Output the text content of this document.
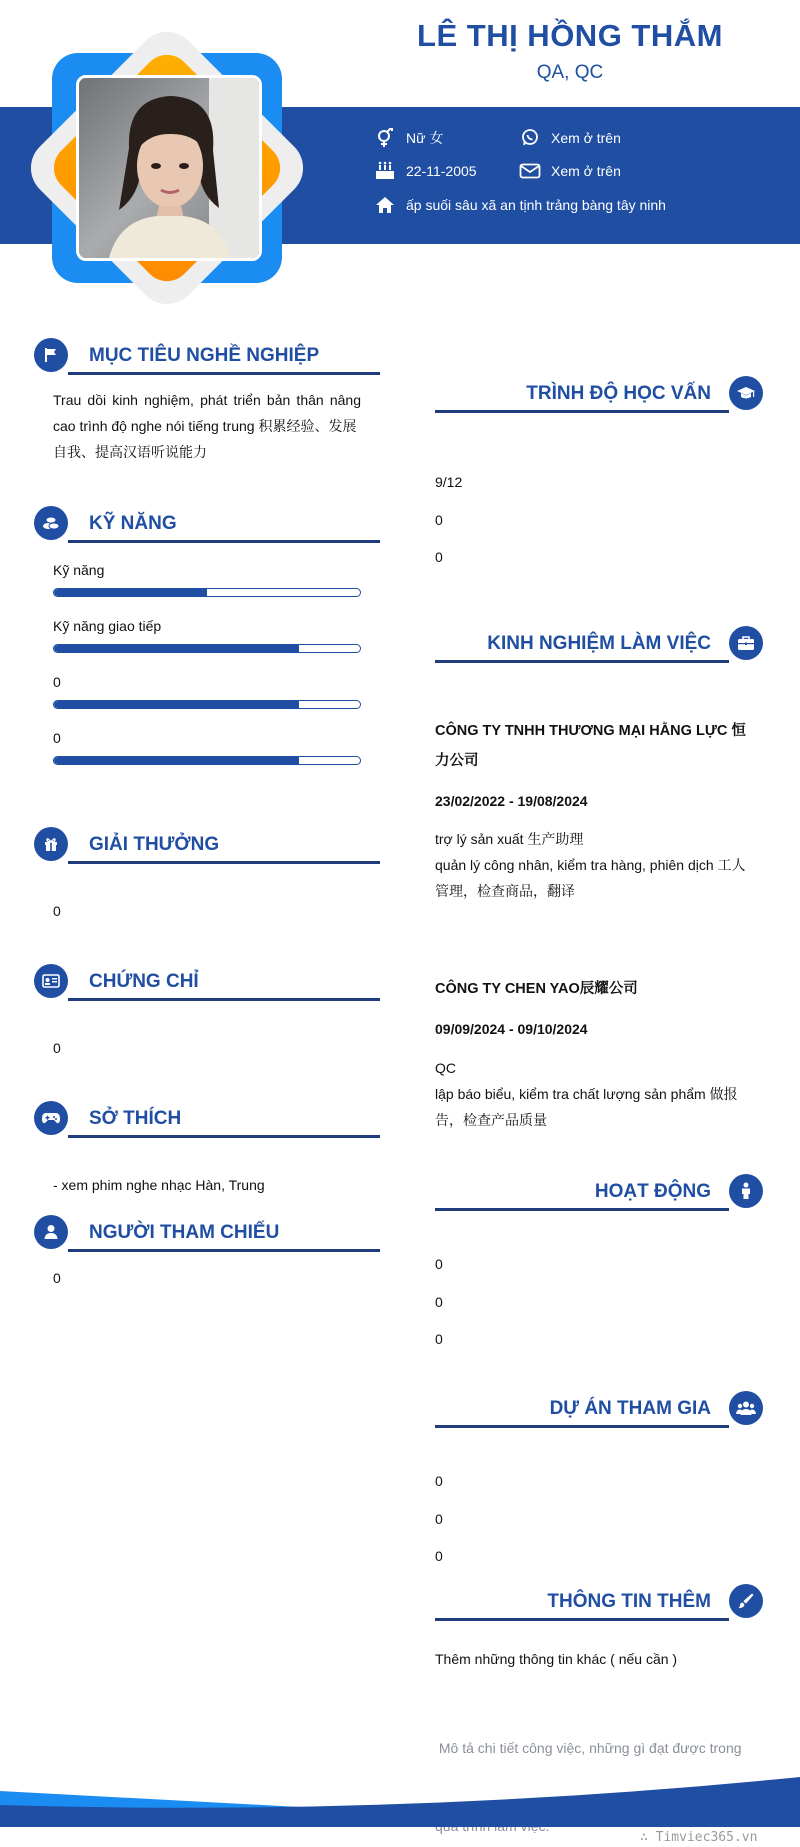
LÊ THỊ HỒNG THẮM
QA, QC
Nữ 女	Xem ở trên
22-11-2005	Xem ở trên
ấp suối sâu xã an tịnh trảng bàng tây ninh
MỤC TIÊU NGHỀ NGHIỆP
Trau dồi kinh nghiệm, phát triển bản thân nâng
cao trình độ nghe nói tiếng trung 积累经验、发展
自我、提高汉语听说能力
KỸ NĂNG
Kỹ năng
Kỹ năng giao tiếp
0
0
GIẢI THƯỞNG
0
CHỨNG CHỈ
0
SỞ THÍCH
- xem phim nghe nhạc Hàn, Trung
NGƯỜI THAM CHIẾU
0
TRÌNH ĐỘ HỌC VẤN
9/12
0
0
KINH NGHIỆM LÀM VIỆC
CÔNG TY TNHH THƯƠNG MẠI HẰNG LỰC 恒
力公司
23/02/2022 - 19/08/2024
trợ lý sản xuất 生产助理
quản lý công nhân, kiểm tra hàng, phiên dịch 工人
管理，检查商品，翻译
CÔNG TY CHEN YAO辰耀公司
09/09/2024 - 09/10/2024
QC
lập báo biểu, kiểm tra chất lượng sản phẩm 做报
告，检查产品质量
HOẠT ĐỘNG
0
0
0
DỰ ÁN THAM GIA
0
0
0
THÔNG TIN THÊM
Thêm những thông tin khác ( nếu cần )

Mô tả chi tiết công việc, những gì đạt được trong

∴ Timviec365.vn
